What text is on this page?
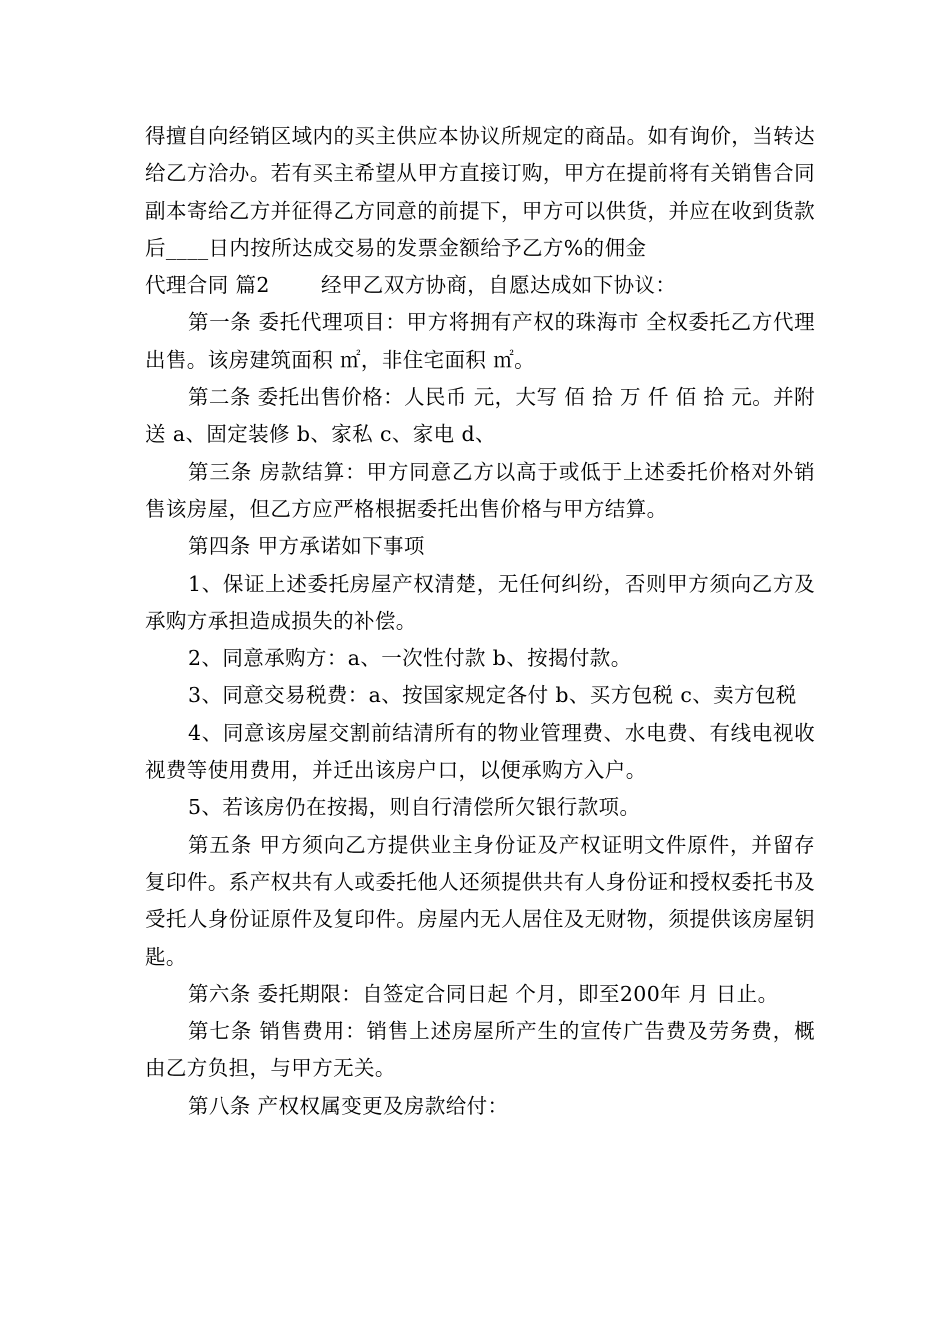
得擅自向经销区域内的买主供应本协议所规定的商品。如有询价，当转达给乙方洽办。若有买主希望从甲方直接订购，甲方在提前将有关销售合同副本寄给乙方并征得乙方同意的前提下，甲方可以供货，并应在收到货款后____日内按所达成交易的发票金额给予乙方%的佣金

代理合同 篇2	经甲乙双方协商，自愿达成如下协议：

第一条 委托代理项目：甲方将拥有产权的珠海市 全权委托乙方代理出售。该房建筑面积 ㎡，非住宅面积 ㎡。

第二条 委托出售价格：人民币 元，大写 佰 拾 万 仟 佰 拾 元。并附送 a、固定装修 b、家私 c、家电 d、

第三条 房款结算：甲方同意乙方以高于或低于上述委托价格对外销售该房屋，但乙方应严格根据委托出售价格与甲方结算。

第四条 甲方承诺如下事项

1、保证上述委托房屋产权清楚，无任何纠纷，否则甲方须向乙方及承购方承担造成损失的补偿。

2、同意承购方：a、一次性付款 b、按揭付款。

3、同意交易税费：a、按国家规定各付 b、买方包税 c、卖方包税

4、同意该房屋交割前结清所有的物业管理费、水电费、有线电视收视费等使用费用，并迁出该房户口，以便承购方入户。

5、若该房仍在按揭，则自行清偿所欠银行款项。

第五条 甲方须向乙方提供业主身份证及产权证明文件原件，并留存复印件。系产权共有人或委托他人还须提供共有人身份证和授权委托书及受托人身份证原件及复印件。房屋内无人居住及无财物，须提供该房屋钥匙。

第六条 委托期限：自签定合同日起 个月，即至200年 月 日止。

第七条 销售费用：销售上述房屋所产生的宣传广告费及劳务费，概由乙方负担，与甲方无关。

第八条 产权权属变更及房款给付：
